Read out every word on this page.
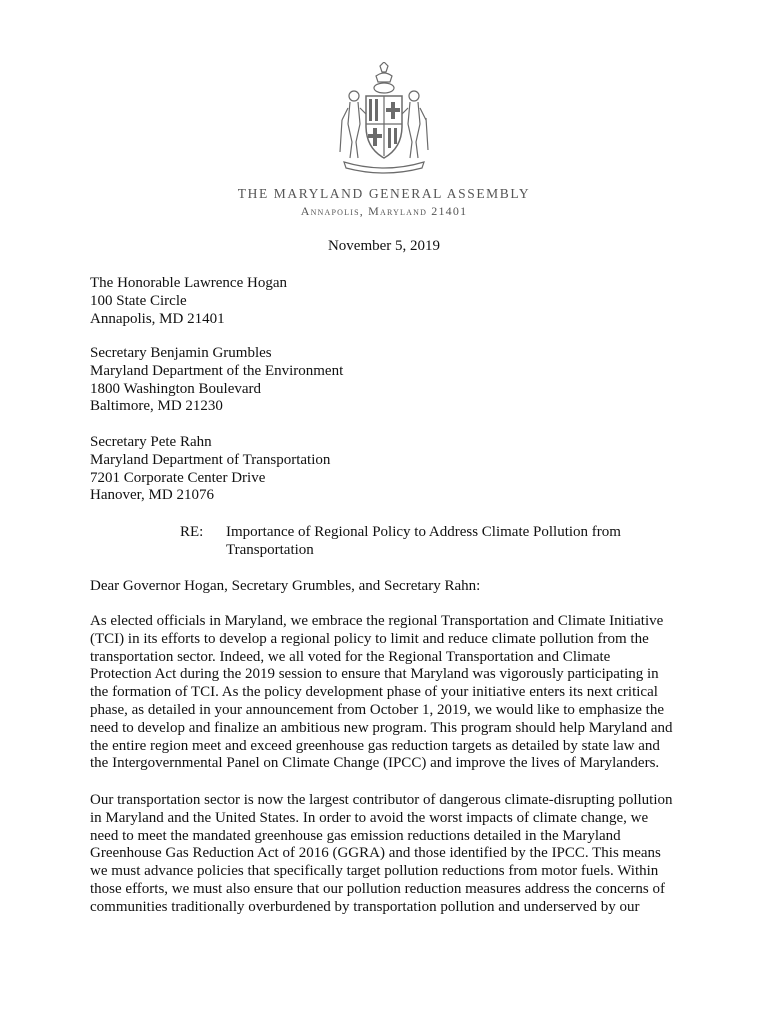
THE MARYLAND GENERAL ASSEMBLY
Annapolis, Maryland 21401
November 5, 2019
The Honorable Lawrence Hogan
100 State Circle
Annapolis, MD 21401
Secretary Benjamin Grumbles
Maryland Department of the Environment
1800 Washington Boulevard
Baltimore, MD 21230
Secretary Pete Rahn
Maryland Department of Transportation
7201 Corporate Center Drive
Hanover, MD 21076
RE: Importance of Regional Policy to Address Climate Pollution from
Transportation
Dear Governor Hogan, Secretary Grumbles, and Secretary Rahn:
As elected officials in Maryland, we embrace the regional Transportation and Climate Initiative
(TCI) in its efforts to develop a regional policy to limit and reduce climate pollution from the
transportation sector. Indeed, we all voted for the Regional Transportation and Climate
Protection Act during the 2019 session to ensure that Maryland was vigorously participating in
the formation of TCI. As the policy development phase of your initiative enters its next critical
phase, as detailed in your announcement from October 1, 2019, we would like to emphasize the
need to develop and finalize an ambitious new program. This program should help Maryland and
the entire region meet and exceed greenhouse gas reduction targets as detailed by state law and
the Intergovernmental Panel on Climate Change (IPCC) and improve the lives of Marylanders.
Our transportation sector is now the largest contributor of dangerous climate-disrupting pollution
in Maryland and the United States. In order to avoid the worst impacts of climate change, we
need to meet the mandated greenhouse gas emission reductions detailed in the Maryland
Greenhouse Gas Reduction Act of 2016 (GGRA) and those identified by the IPCC. This means
we must advance policies that specifically target pollution reductions from motor fuels. Within
those efforts, we must also ensure that our pollution reduction measures address the concerns of
communities traditionally overburdened by transportation pollution and underserved by our
